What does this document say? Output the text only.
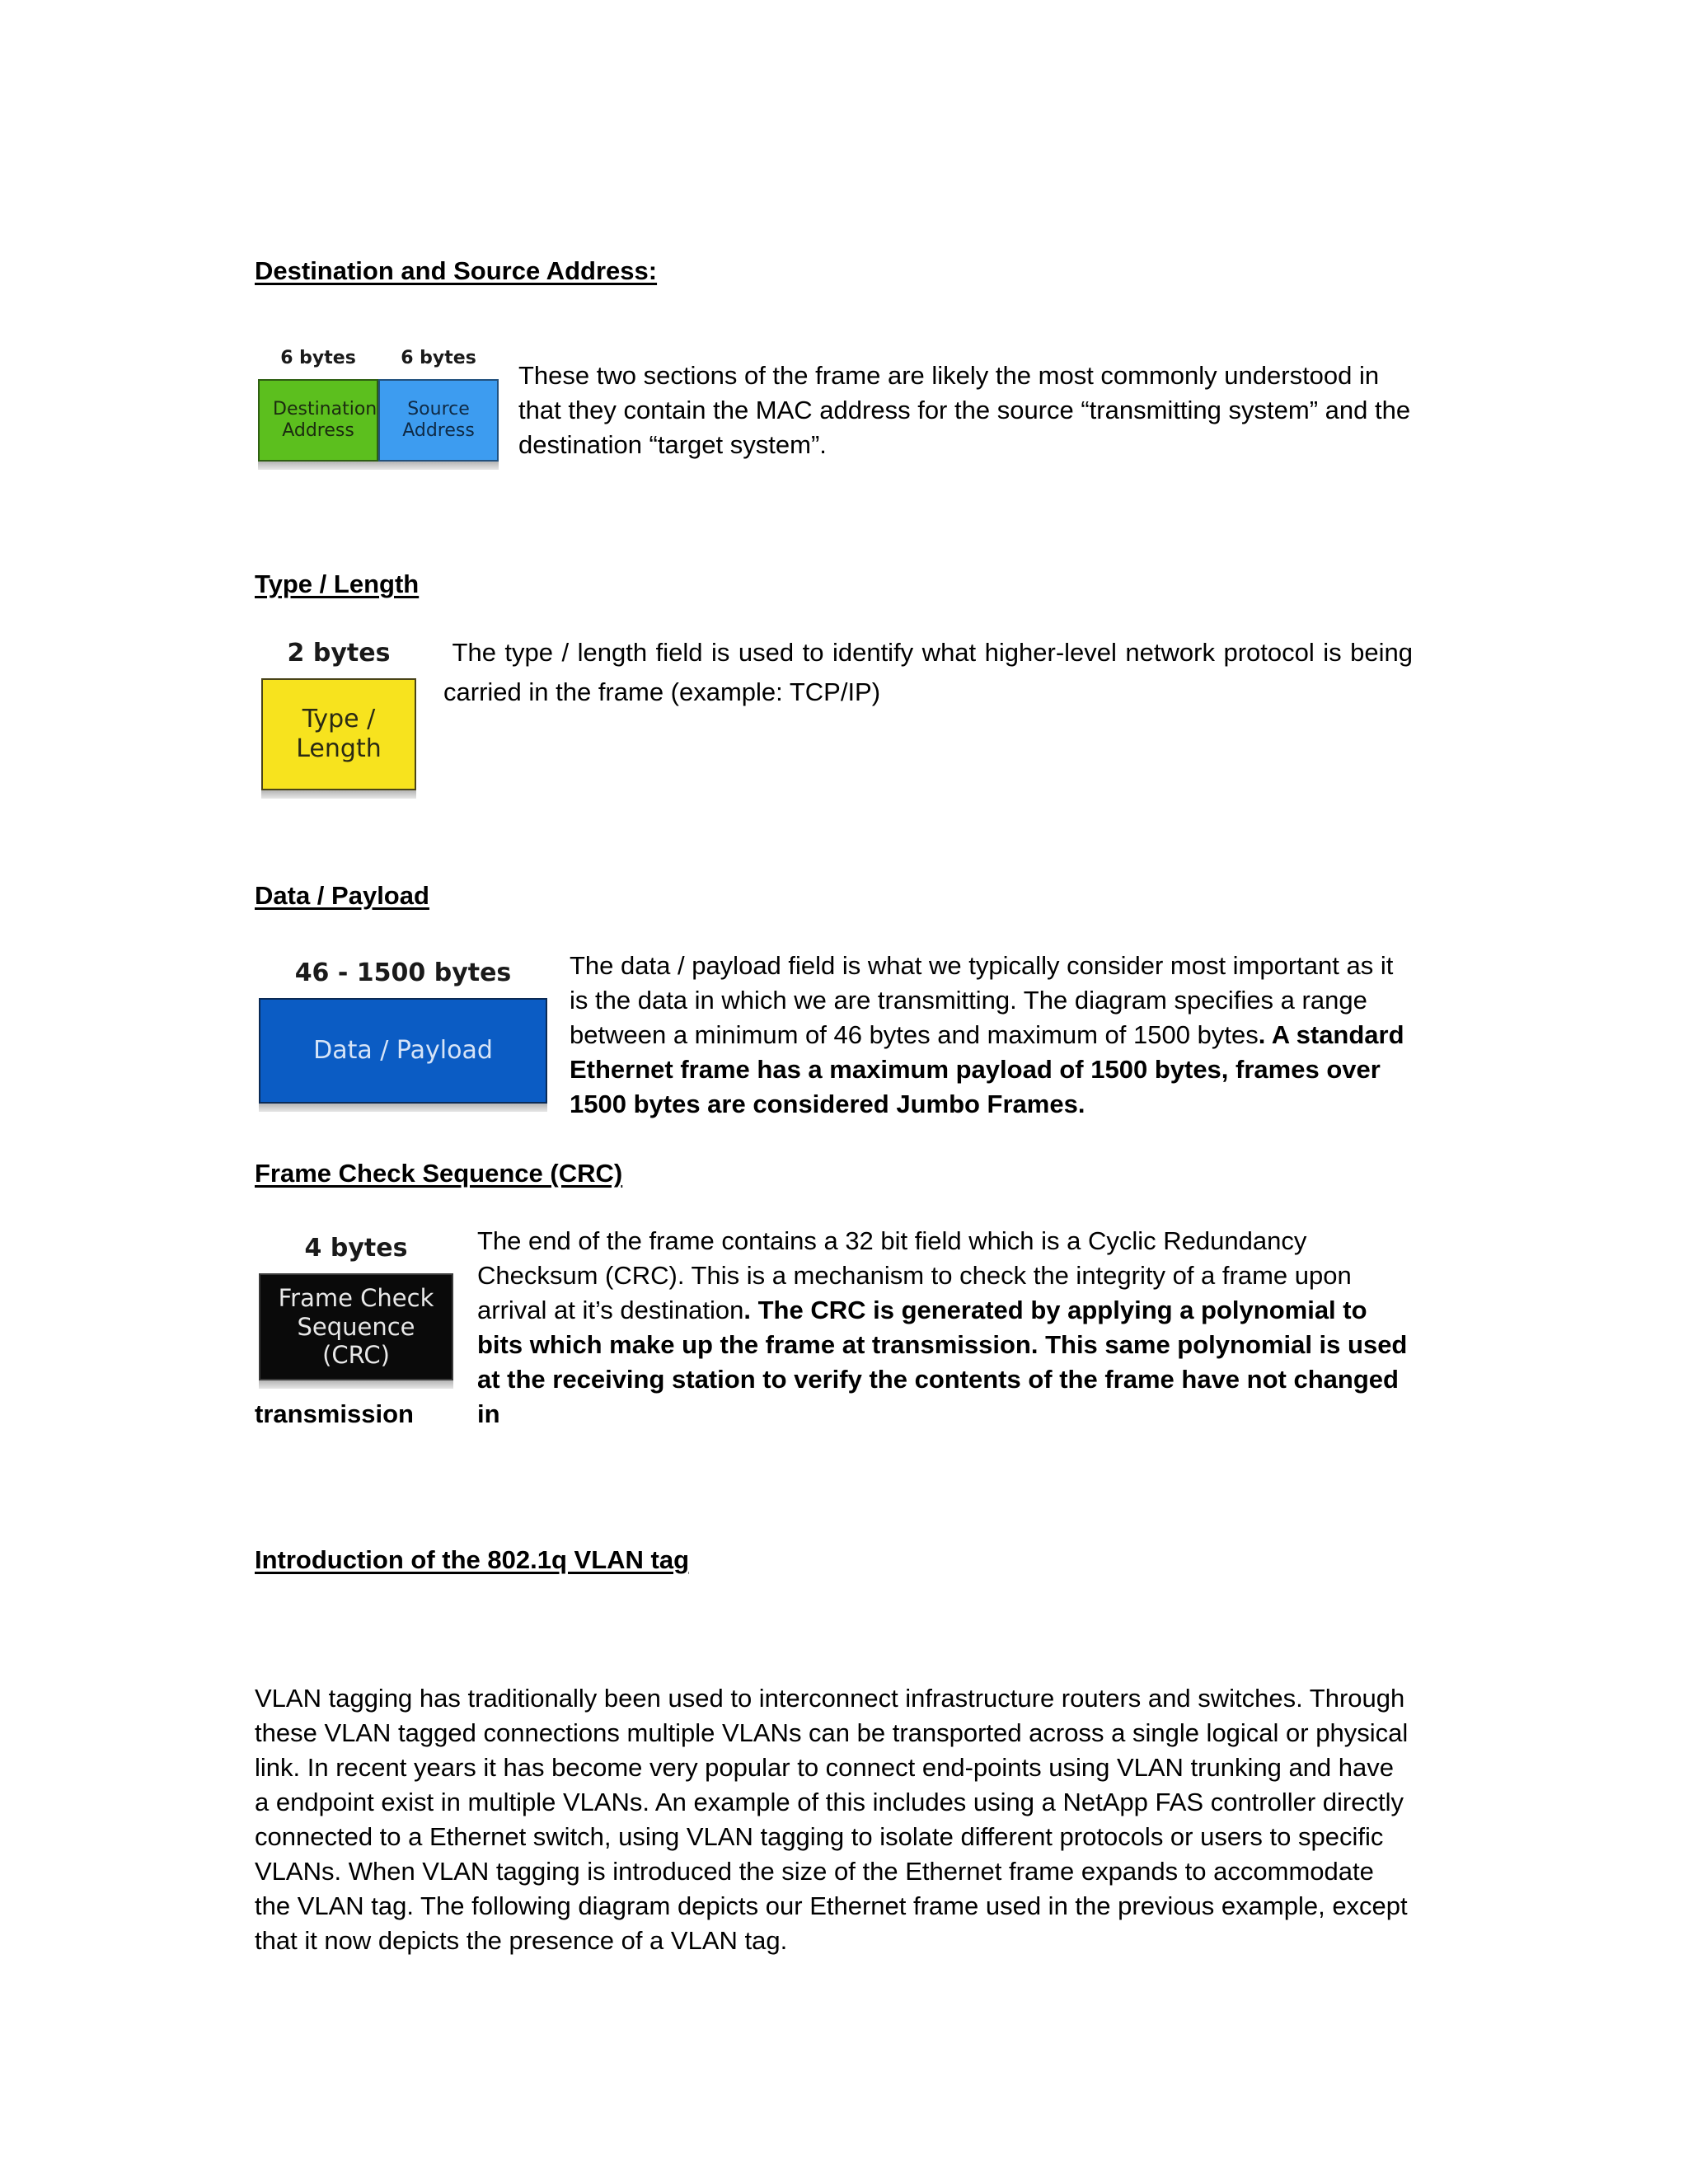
Destination and Source Address:
6 bytes	6 bytes
Destination Address
Source Address
These two sections of the frame are likely the most commonly understood in that they contain the MAC address for the source “transmitting system” and the destination “target system”.
Type / Length
2 bytes
Type / Length
The type / length field is used to identify what higher-level network protocol is being carried in the frame (example: TCP/IP)
Data / Payload
46 - 1500 bytes
Data / Payload
The data / payload field is what we typically consider most important as it is the data in which we are transmitting. The diagram specifies a range between a minimum of 46 bytes and maximum of 1500 bytes. A standard Ethernet frame has a maximum payload of 1500 bytes, frames over 1500 bytes are considered Jumbo Frames.
Frame Check Sequence (CRC)
4 bytes
Frame Check Sequence (CRC)
The end of the frame contains a 32 bit field which is a Cyclic Redundancy Checksum (CRC). This is a mechanism to check the integrity of a frame upon arrival at it’s destination. The CRC is generated by applying a polynomial to bits which make up the frame at transmission. This same polynomial is used at the receiving station to verify the contents of the frame have not changed in
transmission
Introduction of the 802.1q VLAN tag
VLAN tagging has traditionally been used to interconnect infrastructure routers and switches. Through these VLAN tagged connections multiple VLANs can be transported across a single logical or physical link. In recent years it has become very popular to connect end-points using VLAN trunking and have a endpoint exist in multiple VLANs. An example of this includes using a NetApp FAS controller directly connected to a Ethernet switch, using VLAN tagging to isolate different protocols or users to specific VLANs. When VLAN tagging is introduced the size of the Ethernet frame expands to accommodate the VLAN tag. The following diagram depicts our Ethernet frame used in the previous example, except that it now depicts the presence of a VLAN tag.
